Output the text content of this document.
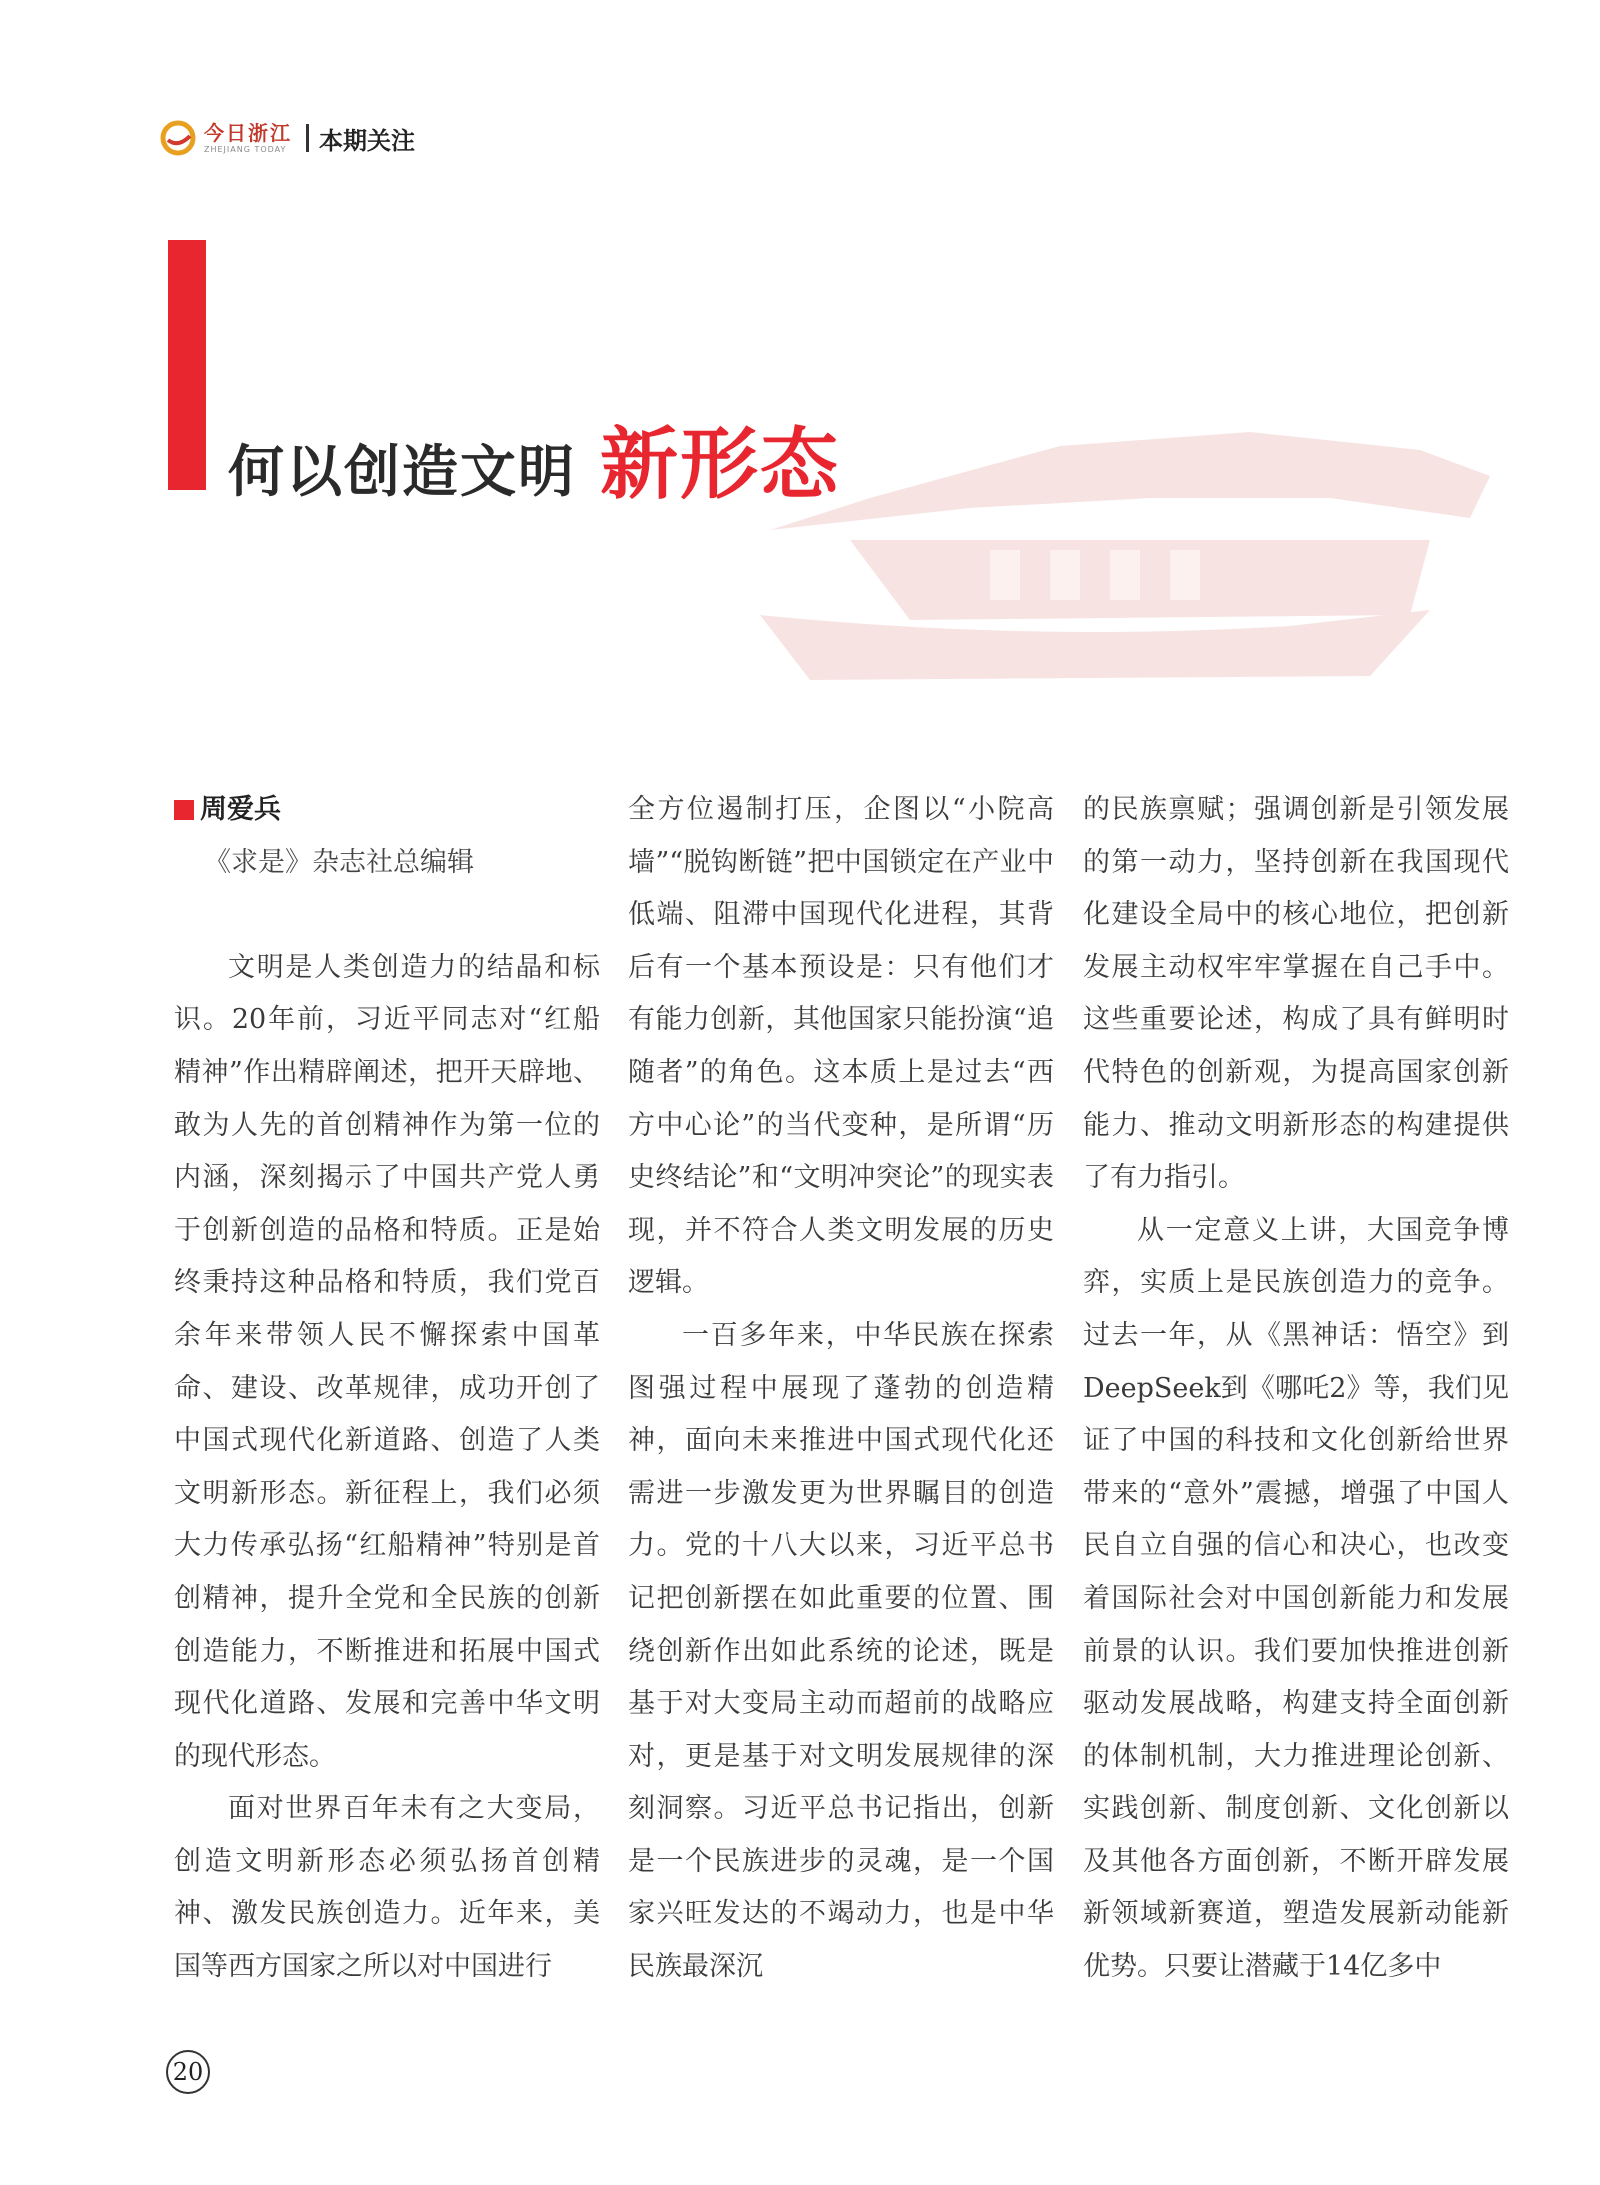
今日浙江
ZHEJIANG TODAY 本期关注
何以创造文明 新形态
周爱兵
《求是》杂志社总编辑

文明是人类创造力的结晶和标识。20年前，习近平同志对“红船精神”作出精辟阐述，把开天辟地、敢为人先的首创精神作为第一位的内涵，深刻揭示了中国共产党人勇于创新创造的品格和特质。正是始终秉持这种品格和特质，我们党百余年来带领人民不懈探索中国革命、建设、改革规律，成功开创了中国式现代化新道路、创造了人类文明新形态。新征程上，我们必须大力传承弘扬“红船精神”特别是首创精神，提升全党和全民族的创新创造能力，不断推进和拓展中国式现代化道路、发展和完善中华文明的现代形态。

面对世界百年未有之大变局，创造文明新形态必须弘扬首创精神、激发民族创造力。近年来，美国等西方国家之所以对中国进行

全方位遏制打压，企图以“小院高墙”“脱钩断链”把中国锁定在产业中低端、阻滞中国现代化进程，其背后有一个基本预设是：只有他们才有能力创新，其他国家只能扮演“追随者”的角色。这本质上是过去“西方中心论”的当代变种，是所谓“历史终结论”和“文明冲突论”的现实表现，并不符合人类文明发展的历史逻辑。

一百多年来，中华民族在探索图强过程中展现了蓬勃的创造精神，面向未来推进中国式现代化还需进一步激发更为世界瞩目的创造力。党的十八大以来，习近平总书记把创新摆在如此重要的位置、围绕创新作出如此系统的论述，既是基于对大变局主动而超前的战略应对，更是基于对文明发展规律的深刻洞察。习近平总书记指出，创新是一个民族进步的灵魂，是一个国家兴旺发达的不竭动力，也是中华民族最深沉

的民族禀赋；强调创新是引领发展的第一动力，坚持创新在我国现代化建设全局中的核心地位，把创新发展主动权牢牢掌握在自己手中。这些重要论述，构成了具有鲜明时代特色的创新观，为提高国家创新能力、推动文明新形态的构建提供了有力指引。

从一定意义上讲，大国竞争博弈，实质上是民族创造力的竞争。过去一年，从《黑神话：悟空》到DeepSeek到《哪吒2》等，我们见证了中国的科技和文化创新给世界带来的“意外”震撼，增强了中国人民自立自强的信心和决心，也改变着国际社会对中国创新能力和发展前景的认识。我们要加快推进创新驱动发展战略，构建支持全面创新的体制机制，大力推进理论创新、实践创新、制度创新、文化创新以及其他各方面创新，不断开辟发展新领域新赛道，塑造发展新动能新优势。只要让潜藏于14亿多中

20
